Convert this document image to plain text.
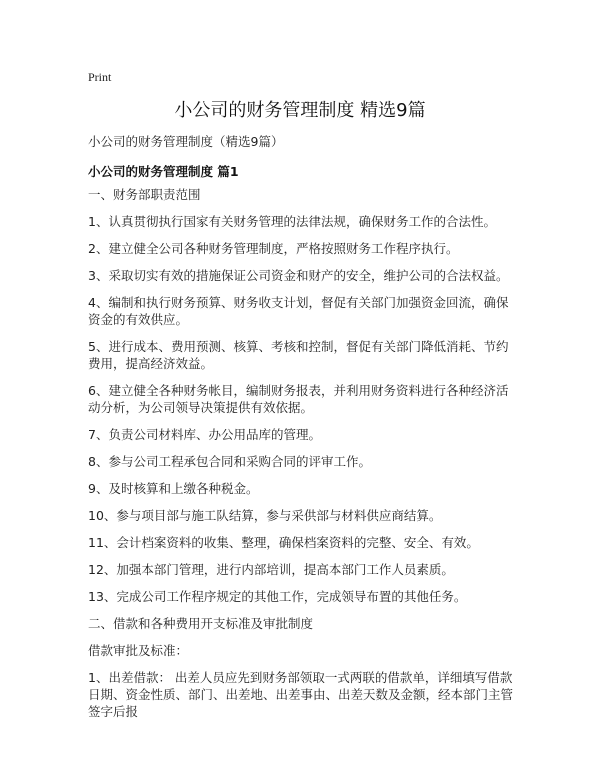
Print
小公司的财务管理制度 精选9篇
小公司的财务管理制度（精选9篇）
小公司的财务管理制度 篇1

一、财务部职责范围

1、认真贯彻执行国家有关财务管理的法律法规，确保财务工作的合法性。

2、建立健全公司各种财务管理制度，严格按照财务工作程序执行。

3、采取切实有效的措施保证公司资金和财产的安全，维护公司的合法权益。

4、编制和执行财务预算、财务收支计划，督促有关部门加强资金回流，确保资金的有效供应。

5、进行成本、费用预测、核算、考核和控制，督促有关部门降低消耗、节约费用，提高经济效益。

6、建立健全各种财务帐目，编制财务报表，并利用财务资料进行各种经济活动分析，为公司领导决策提供有效依据。

7、负责公司材料库、办公用品库的管理。

8、参与公司工程承包合同和采购合同的评审工作。

9、及时核算和上缴各种税金。

10、参与项目部与施工队结算，参与采供部与材料供应商结算。

11、会计档案资料的收集、整理，确保档案资料的完整、安全、有效。

12、加强本部门管理，进行内部培训，提高本部门工作人员素质。

13、完成公司工作程序规定的其他工作，完成领导布置的其他任务。

二、借款和各种费用开支标准及审批制度

借款审批及标准：

1、出差借款： 出差人员应先到财务部领取一式两联的借款单，详细填写借款日期、资金性质、部门、出差地、出差事由、出差天数及金额，经本部门主管签字后报
